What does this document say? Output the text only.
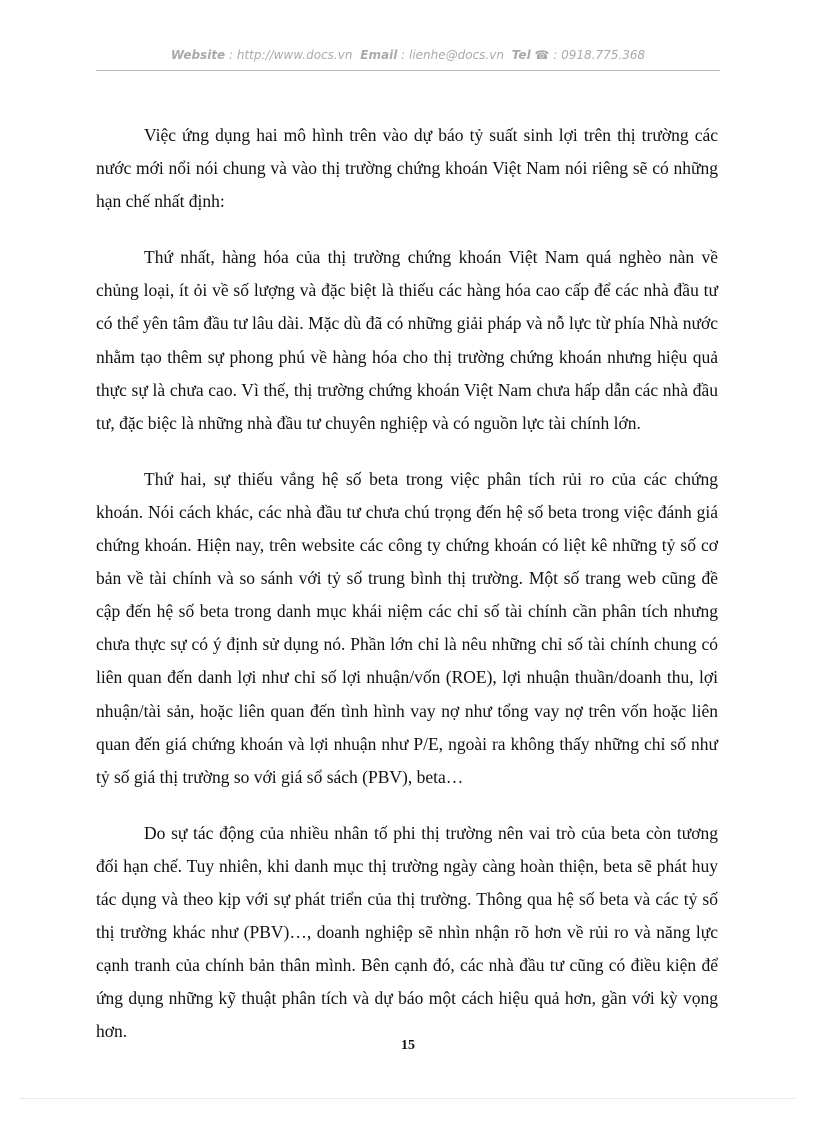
Website : http://www.docs.vn Email : lienhe@docs.vn Tel ☎ : 0918.775.368

Việc ứng dụng hai mô hình trên vào dự báo tỷ suất sinh lợi trên thị trường các nước mới nổi nói chung và vào thị trường chứng khoán Việt Nam nói riêng sẽ có những hạn chế nhất định:

Thứ nhất, hàng hóa của thị trường chứng khoán Việt Nam quá nghèo nàn về chủng loại, ít ỏi về số lượng và đặc biệt là thiếu các hàng hóa cao cấp để các nhà đầu tư có thể yên tâm đầu tư lâu dài. Mặc dù đã có những giải pháp và nỗ lực từ phía Nhà nước nhằm tạo thêm sự phong phú về hàng hóa cho thị trường chứng khoán nhưng hiệu quả thực sự là chưa cao. Vì thế, thị trường chứng khoán Việt Nam chưa hấp dẫn các nhà đầu tư, đặc biệc là những nhà đầu tư chuyên nghiệp và có nguồn lực tài chính lớn.

Thứ hai, sự thiếu vắng hệ số beta trong việc phân tích rủi ro của các chứng khoán. Nói cách khác, các nhà đầu tư chưa chú trọng đến hệ số beta trong việc đánh giá chứng khoán. Hiện nay, trên website các công ty chứng khoán có liệt kê những tỷ số cơ bản về tài chính và so sánh với tỷ số trung bình thị trường. Một số trang web cũng đề cập đến hệ số beta trong danh mục khái niệm các chỉ số tài chính cần phân tích nhưng chưa thực sự có ý định sử dụng nó. Phần lớn chỉ là nêu những chỉ số tài chính chung có liên quan đến danh lợi như chỉ số lợi nhuận/vốn (ROE), lợi nhuận thuần/doanh thu, lợi nhuận/tài sản, hoặc liên quan đến tình hình vay nợ như tổng vay nợ trên vốn hoặc liên quan đến giá chứng khoán và lợi nhuận như P/E, ngoài ra không thấy những chỉ số như tỷ số giá thị trường so với giá sổ sách (PBV), beta…

Do sự tác động của nhiều nhân tố phi thị trường nên vai trò của beta còn tương đối hạn chế. Tuy nhiên, khi danh mục thị trường ngày càng hoàn thiện, beta sẽ phát huy tác dụng và theo kịp với sự phát triển của thị trường. Thông qua hệ số beta và các tỷ số thị trường khác như (PBV)…, doanh nghiệp sẽ nhìn nhận rõ hơn về rủi ro và năng lực cạnh tranh của chính bản thân mình. Bên cạnh đó, các nhà đầu tư cũng có điều kiện để ứng dụng những kỹ thuật phân tích và dự báo một cách hiệu quả hơn, gần với kỳ vọng hơn.

15
